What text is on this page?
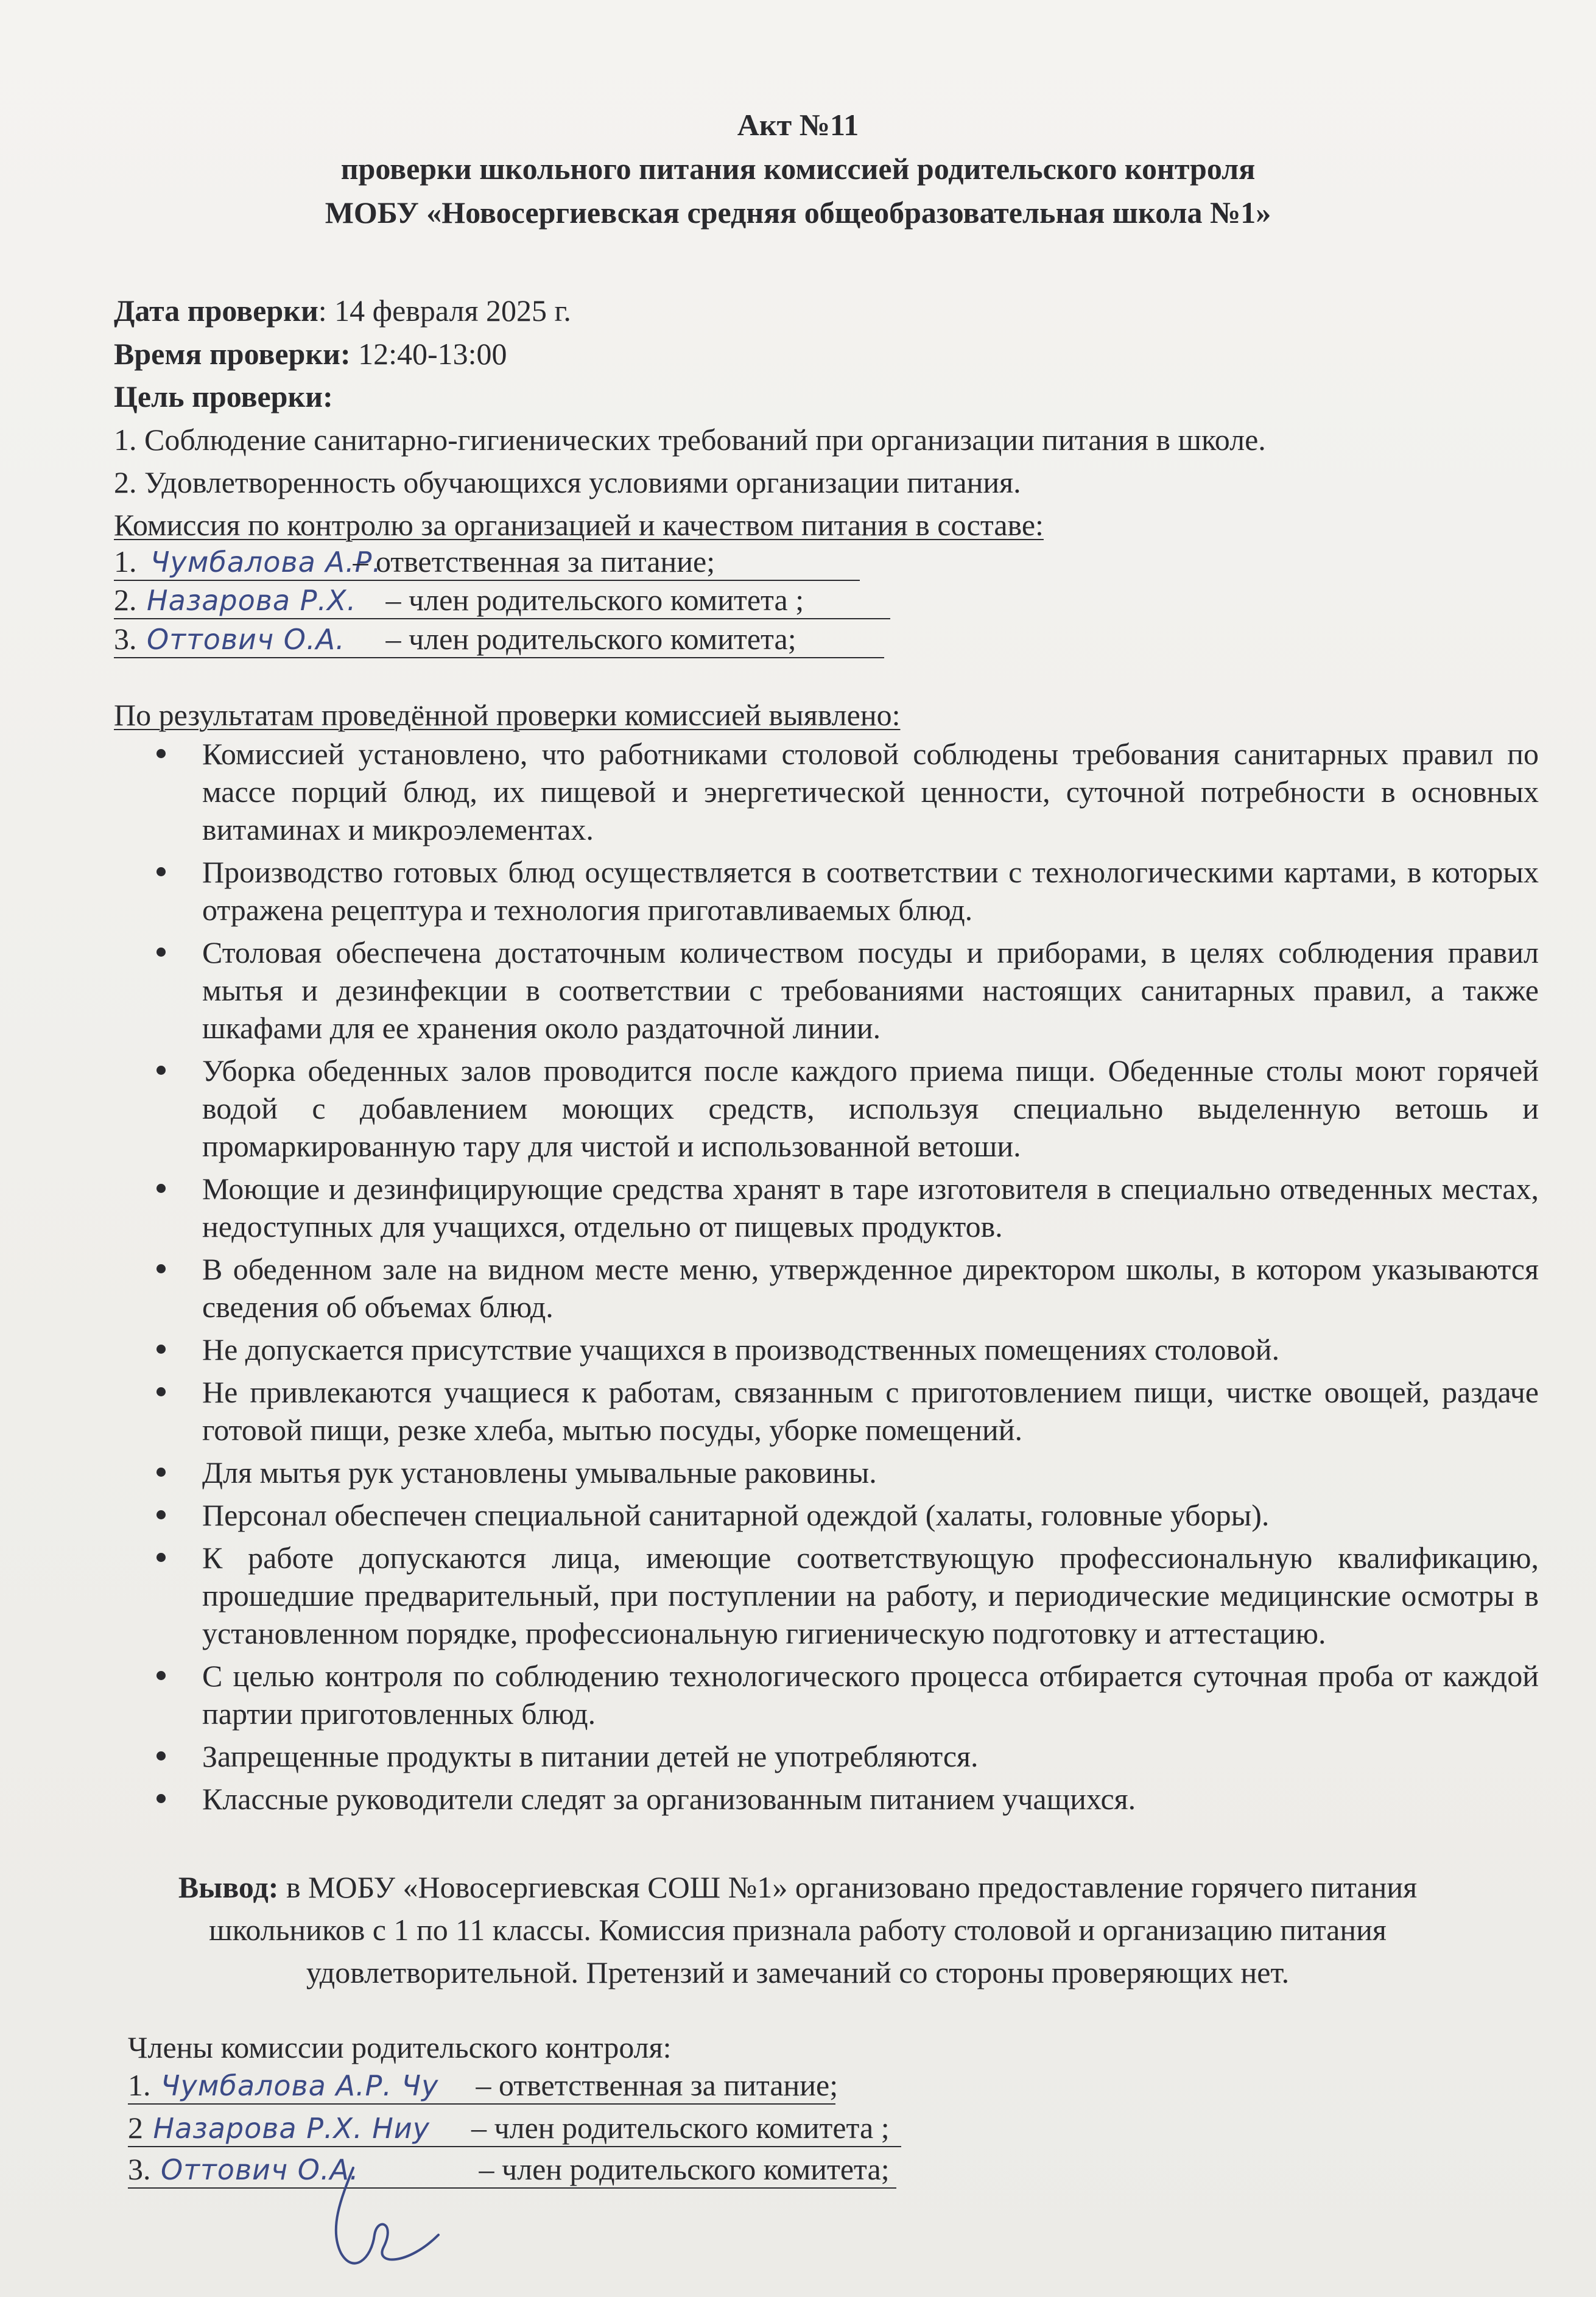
Акт №11
проверки школьного питания комиссией родительского контроля
МОБУ «Новосергиевская средняя общеобразовательная школа №1»
Дата проверки: 14 февраля 2025 г.
Время проверки: 12:40-13:00
Цель проверки:
1. Соблюдение санитарно-гигиенических требований при организации питания в школе.
2. Удовлетворенность обучающихся условиями организации питания.
Комиссия по контролю за организацией и качеством питания в составе:
1. Чумбалова А.Р. – ответственная за питание;
2. Назарова Р.Х. – член родительского комитета ;
3. Оттович О.А. – член родительского комитета;
По результатам проведённой проверки комиссией выявлено:
Комиссией установлено, что работниками столовой соблюдены требования санитарных правил по массе порций блюд, их пищевой и энергетической ценности, суточной потребности в основных витаминах и микроэлементах.
Производство готовых блюд осуществляется в соответствии с технологическими картами, в которых отражена рецептура и технология приготавливаемых блюд.
Столовая обеспечена достаточным количеством посуды и приборами, в целях соблюдения правил мытья и дезинфекции в соответствии с требованиями настоящих санитарных правил, а также шкафами для ее хранения около раздаточной линии.
Уборка обеденных залов проводится после каждого приема пищи. Обеденные столы моют горячей водой с добавлением моющих средств, используя специально выделенную ветошь и промаркированную тару для чистой и использованной ветоши.
Моющие и дезинфицирующие средства хранят в таре изготовителя в специально отведенных местах, недоступных для учащихся, отдельно от пищевых продуктов.
В обеденном зале на видном месте меню, утвержденное директором школы, в котором указываются сведения об объемах блюд.
Не допускается присутствие учащихся в производственных помещениях столовой.
Не привлекаются учащиеся к работам, связанным с приготовлением пищи, чистке овощей, раздаче готовой пищи, резке хлеба, мытью посуды, уборке помещений.
Для мытья рук установлены умывальные раковины.
Персонал обеспечен специальной санитарной одеждой (халаты, головные уборы).
К работе допускаются лица, имеющие соответствующую профессиональную квалификацию, прошедшие предварительный, при поступлении на работу, и периодические медицинские осмотры в установленном порядке, профессиональную гигиеническую подготовку и аттестацию.
С целью контроля по соблюдению технологического процесса отбирается суточная проба от каждой партии приготовленных блюд.
Запрещенные продукты в питании детей не употребляются.
Классные руководители следят за организованным питанием учащихся.
Вывод: в МОБУ «Новосергиевская СОШ №1» организовано предоставление горячего питания школьников с 1 по 11 классы. Комиссия признала работу столовой и организацию питания удовлетворительной. Претензий и замечаний со стороны проверяющих нет.
Члены комиссии родительского контроля:
1. Чумбалова А.Р. Чу – ответственная за питание;
2 Назарова Р.Х. Ниу – член родительского комитета ;
3. Оттович О.А.	– член родительского комитета;
